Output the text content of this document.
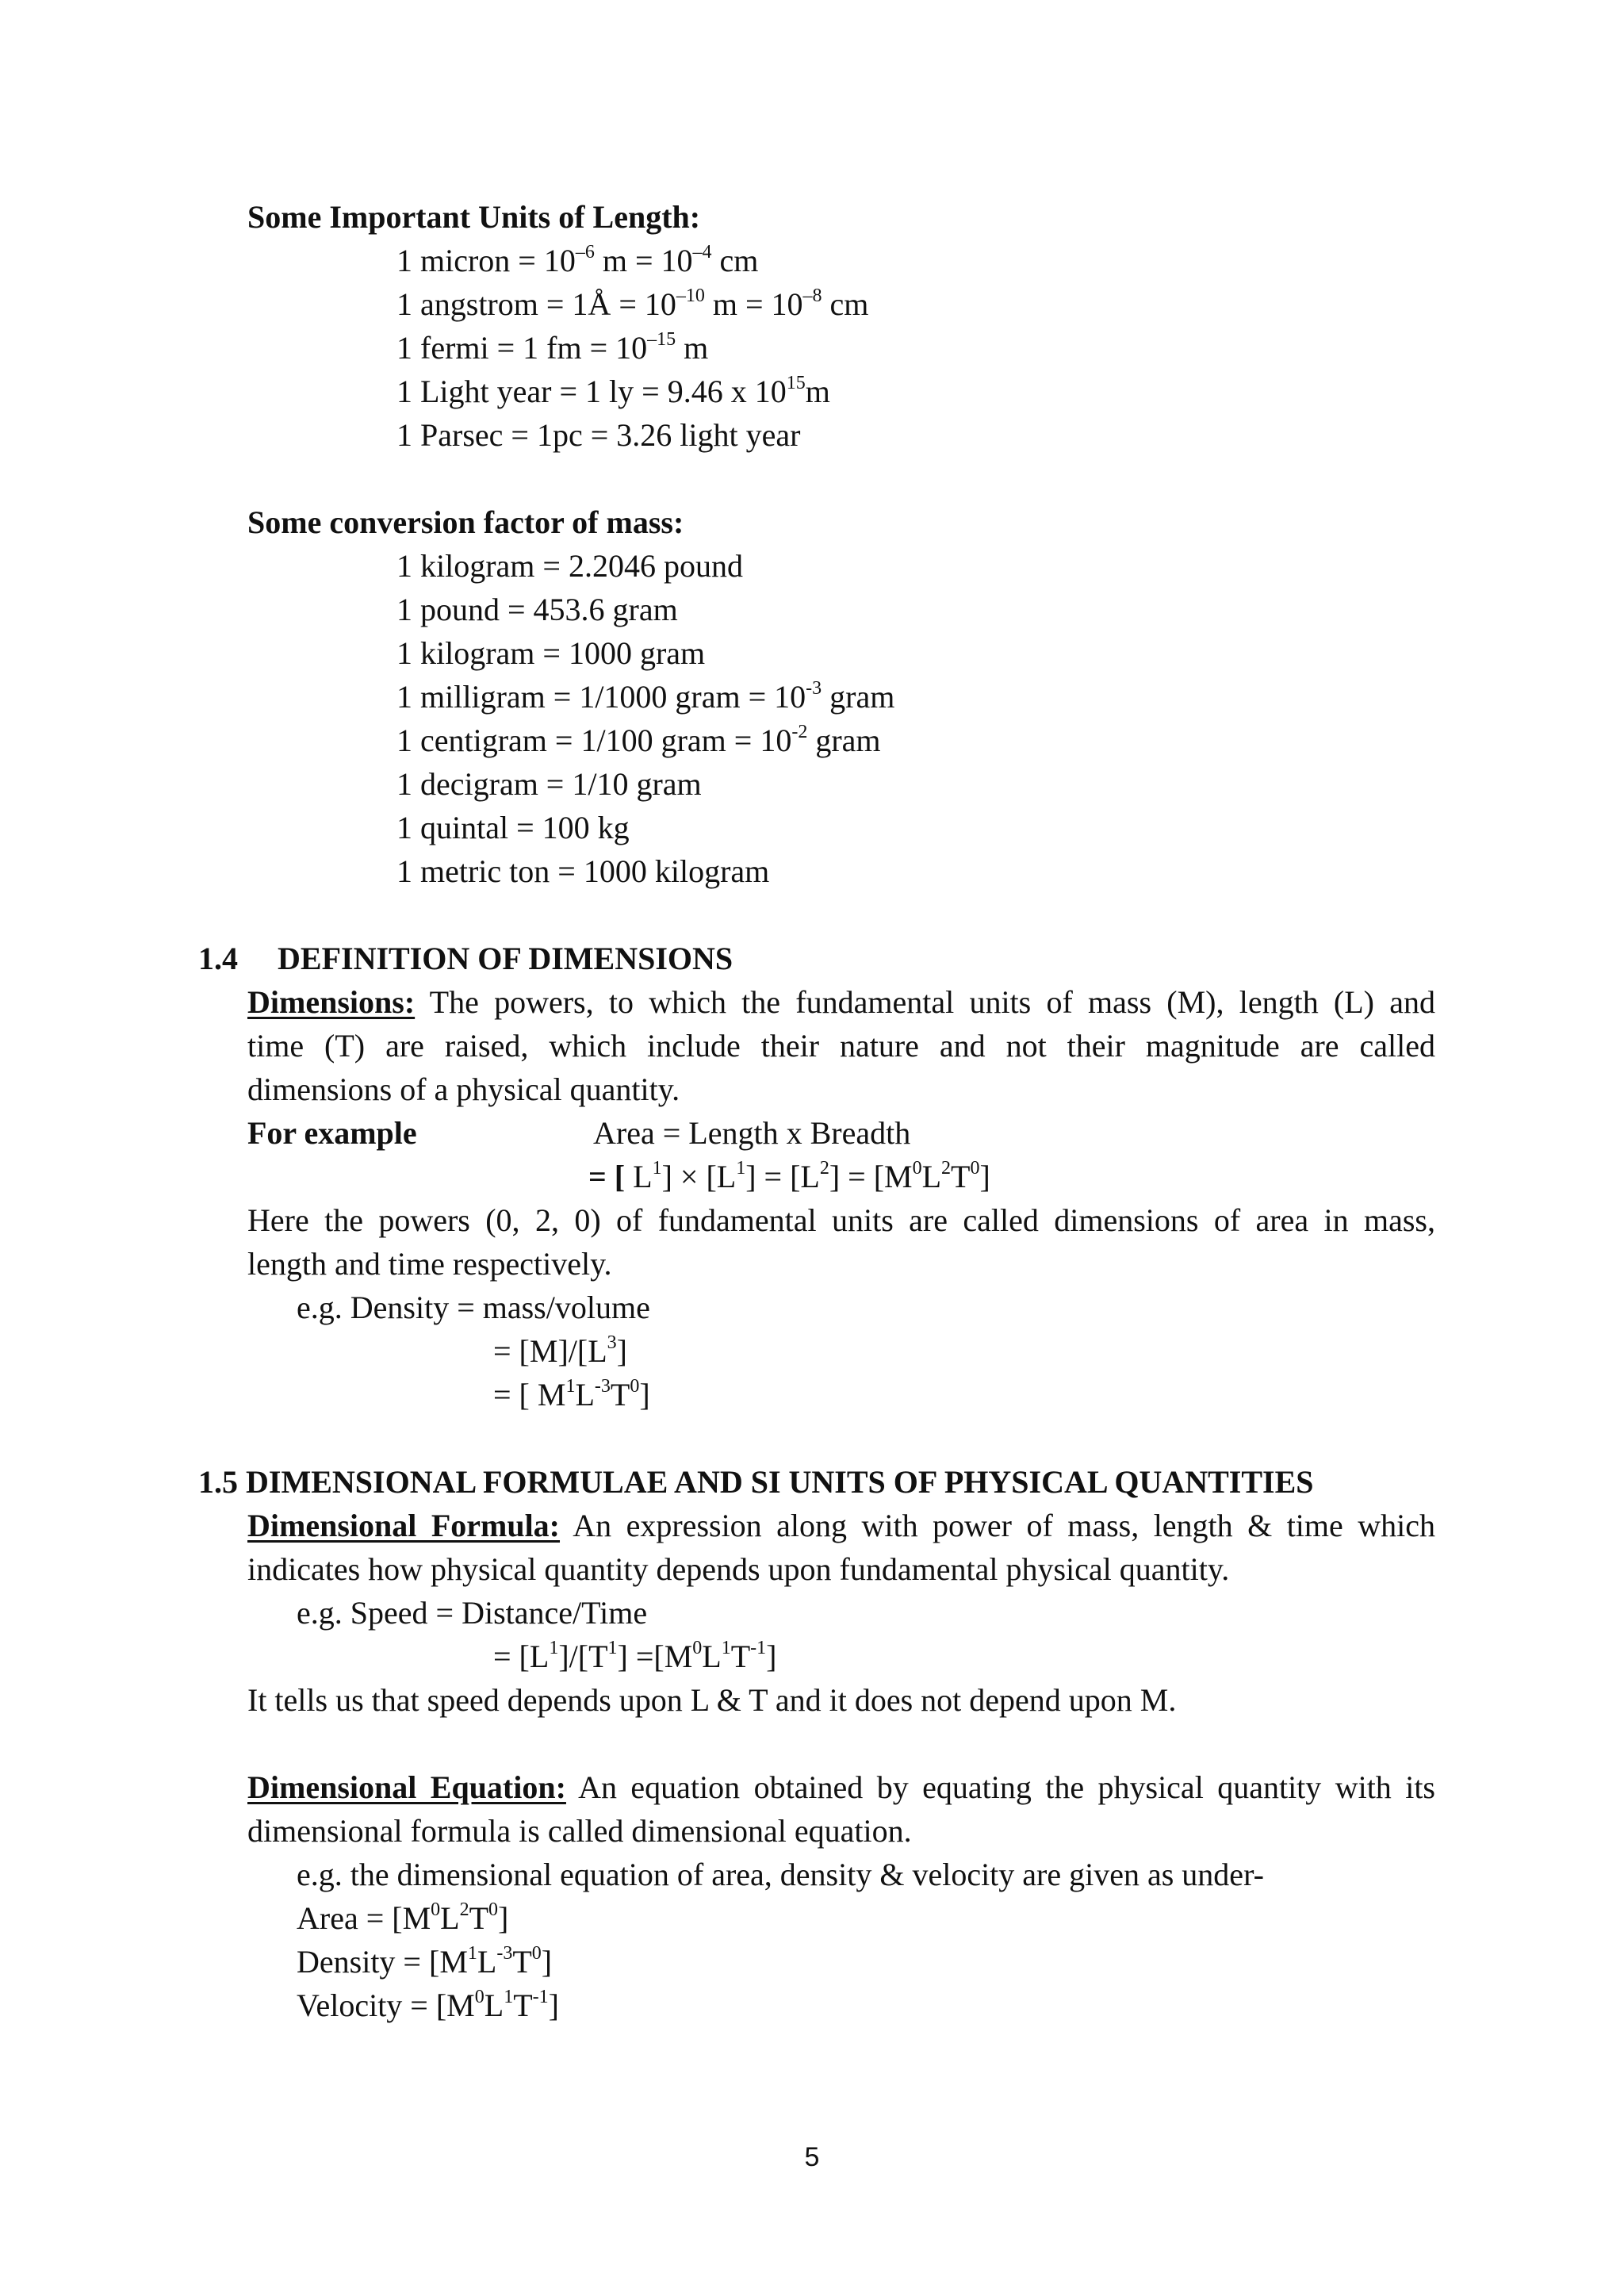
Some Important Units of Length:
1 micron = $10^{-6}$ $m = 10^{-4}$ cm
1 angstrom = 1Å = $10^{-10}$ $m = 10^{-8}$ cm
1 fermi = 1 fm = $10^{-15}$ m
1 Light year = 1 ly = 9.46 x $10^{15}m$
1 Parsec = 1pc = 3.26 light year
Some conversion factor of mass:
1 kilogram = 2.2046 pound
1 pound = 453.6 gram
1 kilogram = 1000 gram
1 milligram = 1/1000 gram = $10^{-3}$ gram
1 centigram = 1/100 gram = $10^{-2}$ gram
1 decigram = 1/10 gram
1 quintal = 100 kg
1 metric ton = 1000 kilogram
1.4 DEFINITION OF DIMENSIONS
Dimensions: The powers, to which the fundamental units of mass (M), length (L) and
time (T) are raised, which include their nature and not their magnitude are called
dimensions of a physical quantity.
For example	Area = Length x Breadth
= [ $L^1] \times [L^1] = [L^2] = [M^0L^2T^0]$
Here the powers (0, 2, 0) of fundamental units are called dimensions of area in mass,
length and time respectively.
e.g. Density = mass/volume
= $[M]/[L^3]$
= [ $M^1L^{-3}T^0$]
1.5 DIMENSIONAL FORMULAE AND SI UNITS OF PHYSICAL QUANTITIES
Dimensional Formula: An expression along with power of mass, length & time which
indicates how physical quantity depends upon fundamental physical quantity.
e.g. Speed = Distance/Time
= $[L^1]/[T^1] =[M^0L^1T^{-1}]$
It tells us that speed depends upon L & T and it does not depend upon M.
Dimensional Equation: An equation obtained by equating the physical quantity with its
dimensional formula is called dimensional equation.
e.g. the dimensional equation of area, density & velocity are given as under-
Area = $[M^0L^2T^0]$
Density = $[M^1L^{-3}T^0]$
Velocity = $[M^0L^1T^{-1}]$
5
